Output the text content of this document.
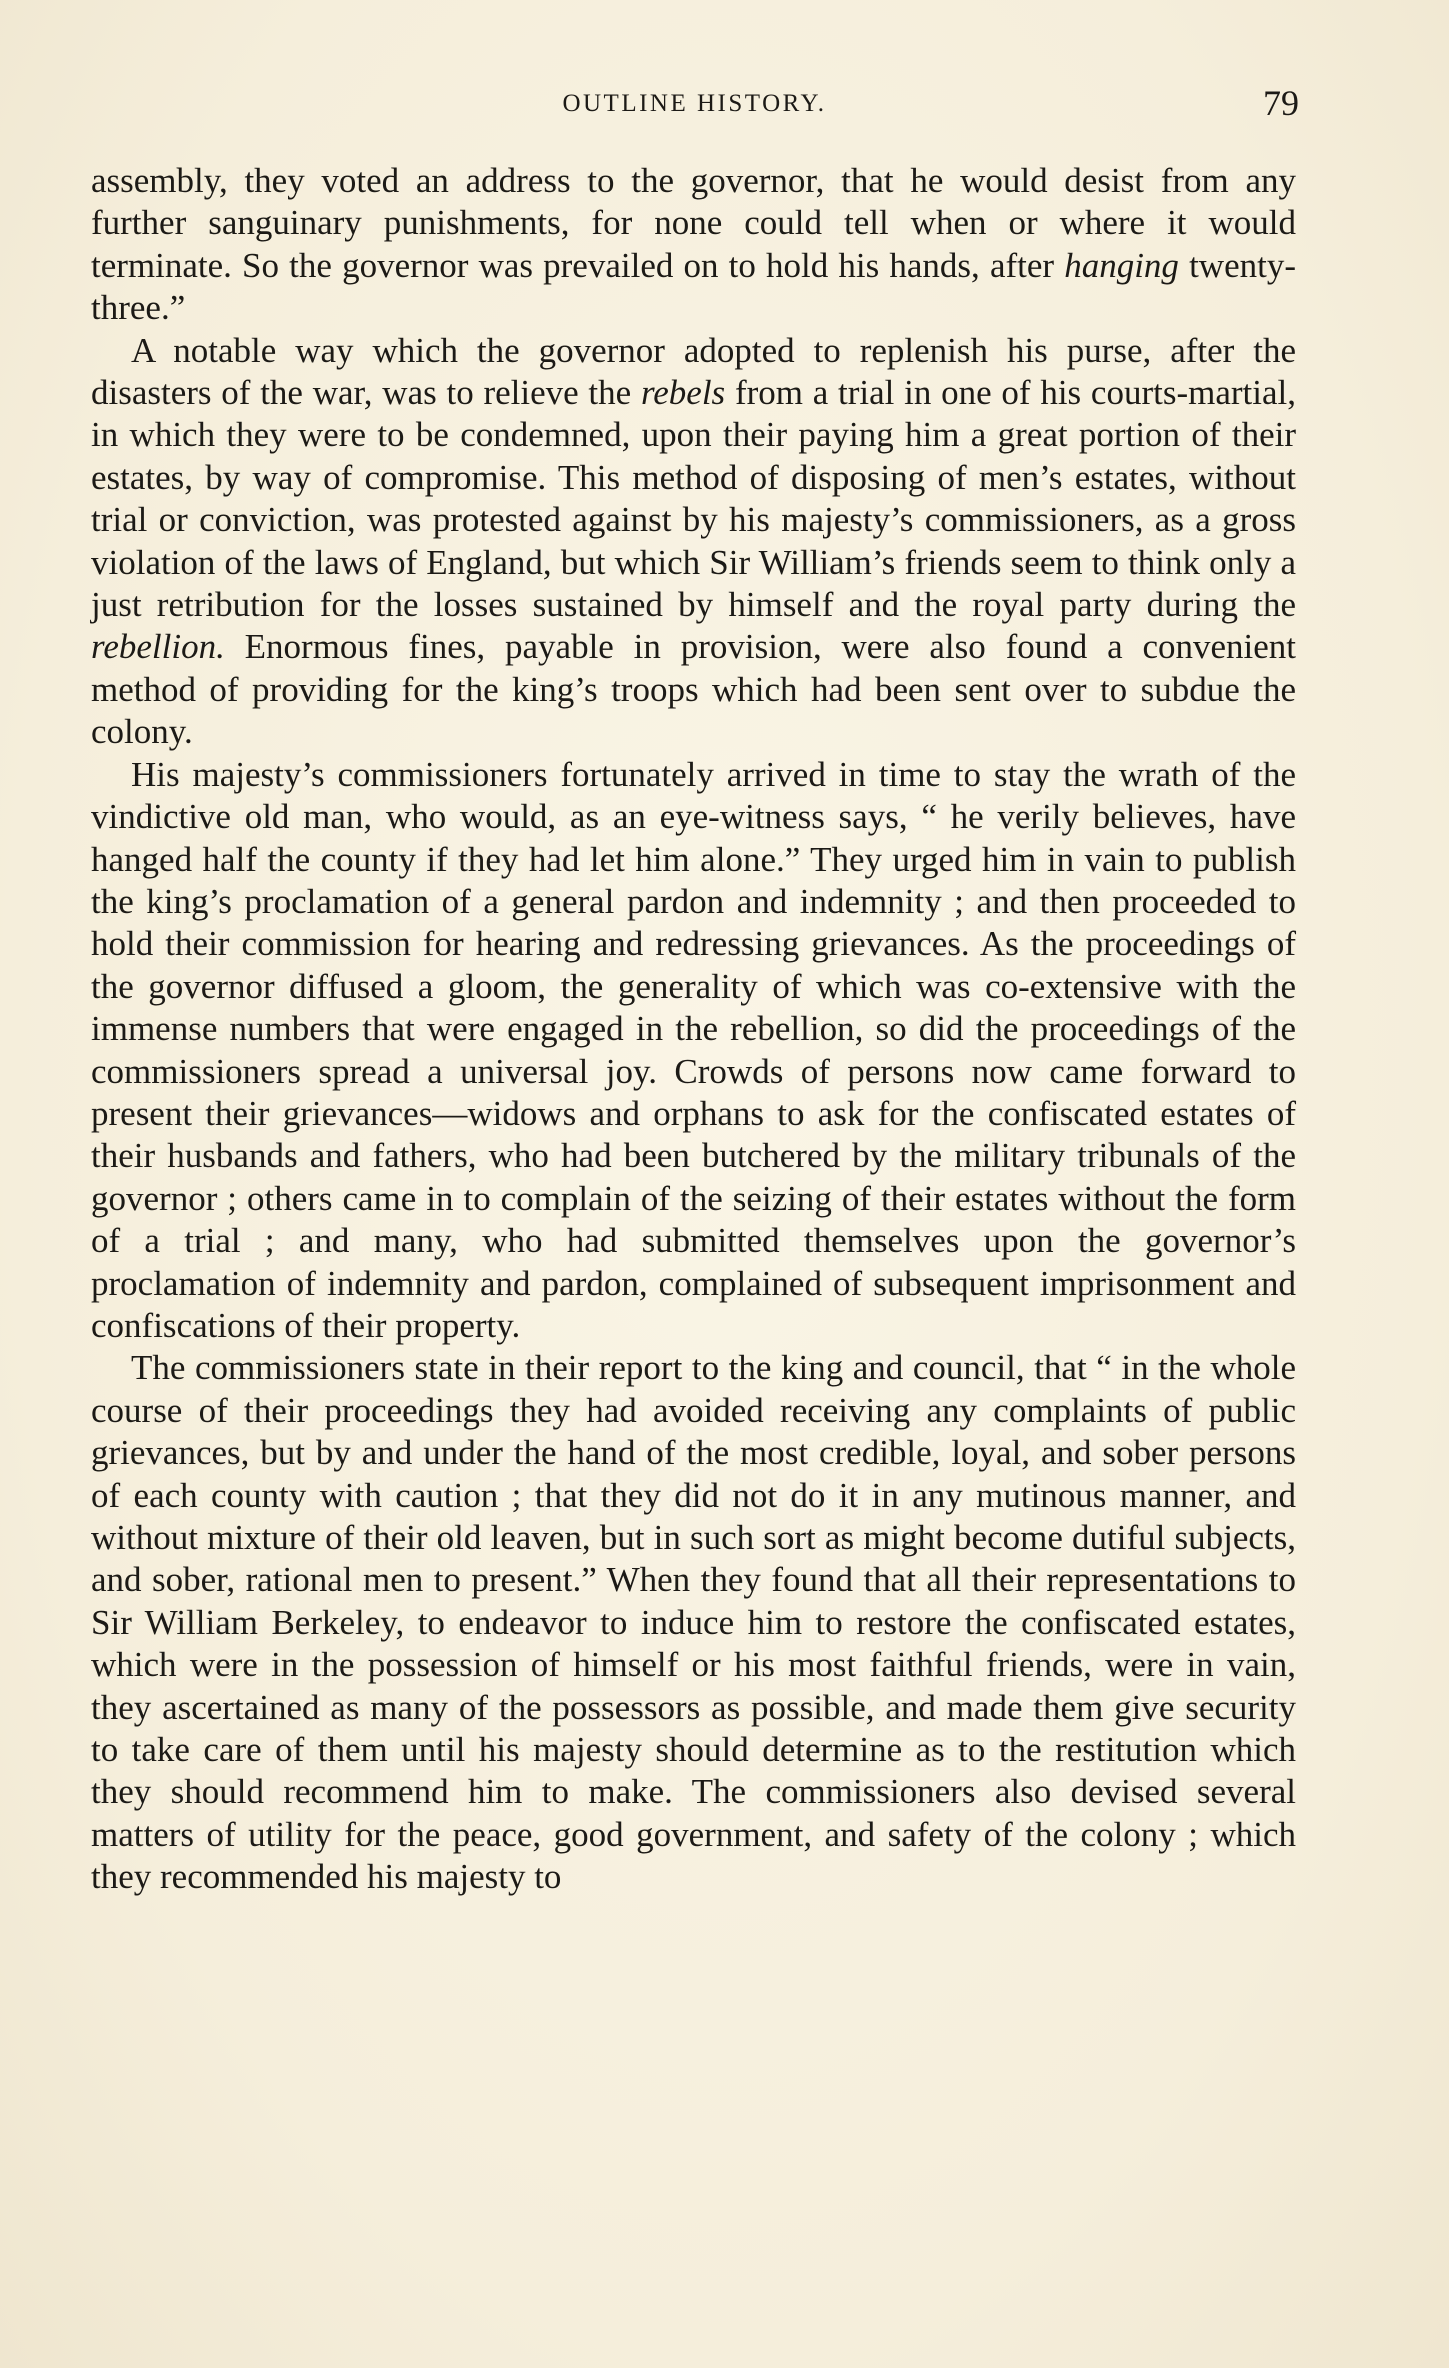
OUTLINE HISTORY.	79

assembly, they voted an address to the governor, that he would desist from any further sanguinary punishments, for none could tell when or where it would terminate. So the governor was prevailed on to hold his hands, after hanging twenty-three.”

A notable way which the governor adopted to replenish his purse, after the disasters of the war, was to relieve the rebels from a trial in one of his courts-martial, in which they were to be condemned, upon their paying him a great portion of their estates, by way of compromise. This method of disposing of men’s estates, without trial or conviction, was protested against by his majesty’s commissioners, as a gross violation of the laws of England, but which Sir William’s friends seem to think only a just retribution for the losses sustained by himself and the royal party during the rebellion. Enormous fines, payable in provision, were also found a convenient method of providing for the king’s troops which had been sent over to subdue the colony.

His majesty’s commissioners fortunately arrived in time to stay the wrath of the vindictive old man, who would, as an eye-witness says, “ he verily believes, have hanged half the county if they had let him alone.” They urged him in vain to publish the king’s proclamation of a general pardon and indemnity ; and then proceeded to hold their commission for hearing and redressing grievances. As the proceedings of the governor diffused a gloom, the generality of which was co-extensive with the immense numbers that were engaged in the rebellion, so did the proceedings of the commissioners spread a universal joy. Crowds of persons now came forward to present their grievances—widows and orphans to ask for the confiscated estates of their husbands and fathers, who had been butchered by the military tribunals of the governor ; others came in to complain of the seizing of their estates without the form of a trial ; and many, who had submitted themselves upon the governor’s proclamation of indemnity and pardon, complained of subsequent imprisonment and confiscations of their property.

The commissioners state in their report to the king and council, that “ in the whole course of their proceedings they had avoided receiving any complaints of public grievances, but by and under the hand of the most credible, loyal, and sober persons of each county with caution ; that they did not do it in any mutinous manner, and without mixture of their old leaven, but in such sort as might become dutiful subjects, and sober, rational men to present.” When they found that all their representations to Sir William Berkeley, to endeavor to induce him to restore the confiscated estates, which were in the possession of himself or his most faithful friends, were in vain, they ascertained as many of the possessors as possible, and made them give security to take care of them until his majesty should determine as to the restitution which they should recommend him to make. The commissioners also devised several matters of utility for the peace, good government, and safety of the colony ; which they recommended his majesty to
